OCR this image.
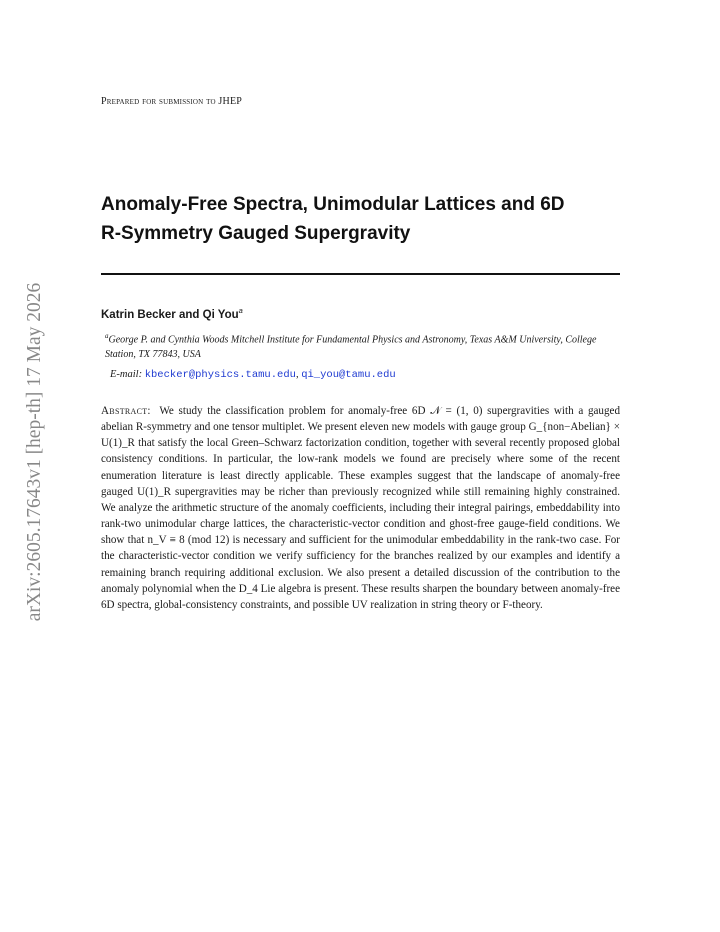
arXiv:2605.17643v1 [hep-th] 17 May 2026
Prepared for submission to JHEP
Anomaly-Free Spectra, Unimodular Lattices and 6D
R-Symmetry Gauged Supergravity
Katrin Becker and Qi You$^a$
$^a$George P. and Cynthia Woods Mitchell Institute for Fundamental Physics and Astronomy, Texas A&M University, College Station, TX 77843, USA
E-mail: kbecker@physics.tamu.edu, qi_you@tamu.edu

Abstract: We study the classification problem for anomaly-free 6D 𝒩 = (1, 0) supergravities with a gauged abelian R-symmetry and one tensor multiplet. We present eleven new models with gauge group G_{non−Abelian} × U(1)_R that satisfy the local Green–Schwarz factorization condition, together with several recently proposed global consistency conditions. In particular, the low-rank models we found are precisely where some of the recent enumeration literature is least directly applicable. These examples suggest that the landscape of anomaly-free gauged U(1)_R supergravities may be richer than previously recognized while still remaining highly constrained. We analyze the arithmetic structure of the anomaly coefficients, including their integral pairings, embeddability into rank-two unimodular charge lattices, the characteristic-vector condition and ghost-free gauge-field conditions. We show that n_V ≡ 8 (mod 12) is necessary and sufficient for the unimodular embeddability in the rank-two case. For the characteristic-vector condition we verify sufficiency for the branches realized by our examples and identify a remaining branch requiring additional exclusion. We also present a detailed discussion of the contribution to the anomaly polynomial when the D_4 Lie algebra is present. These results sharpen the boundary between anomaly-free 6D spectra, global-consistency constraints, and possible UV realization in string theory or F-theory.
